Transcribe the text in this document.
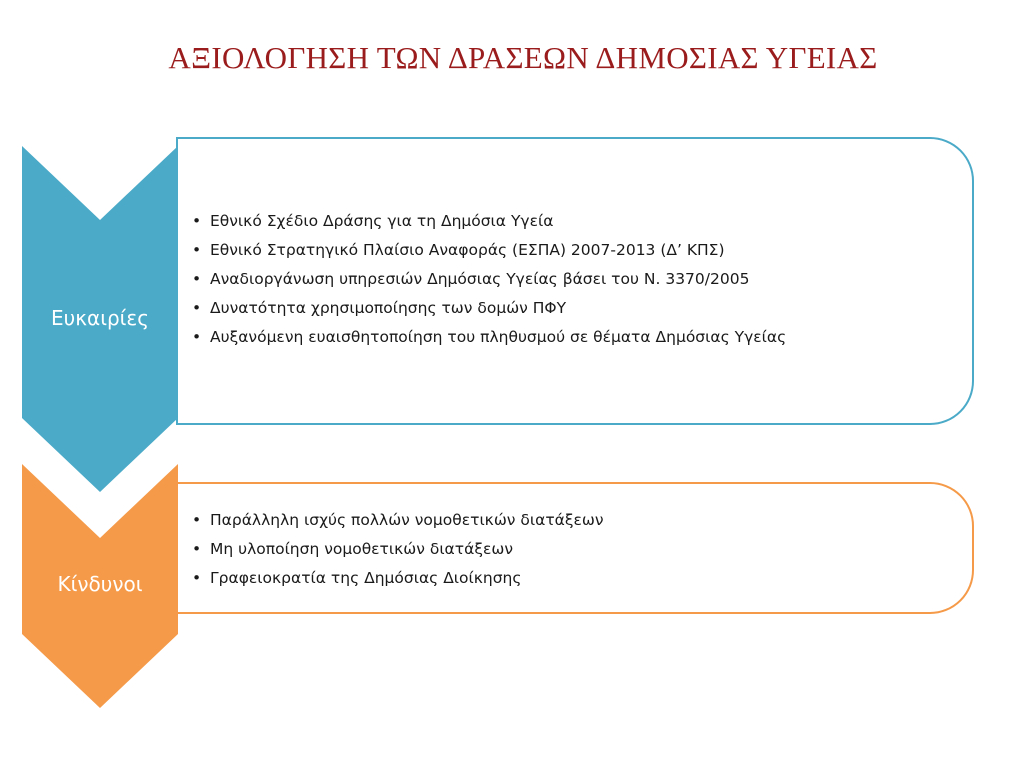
ΑΞΙΟΛΟΓΗΣΗ ΤΩΝ ΔΡΑΣΕΩΝ ΔΗΜΟΣΙΑΣ ΥΓΕΙΑΣ
• Εθνικό Σχέδιο Δράσης για τη Δημόσια Υγεία
• Εθνικό Στρατηγικό Πλαίσιο Αναφοράς (ΕΣΠΑ) 2007-2013 (Δ’ ΚΠΣ)
• Αναδιοργάνωση υπηρεσιών Δημόσιας Υγείας βάσει του Ν. 3370/2005
• Δυνατότητα χρησιμοποίησης των δομών ΠΦΥ
• Αυξανόμενη ευαισθητοποίηση του πληθυσμού σε θέματα Δημόσιας Υγείας
Ευκαιρίες
• Παράλληλη ισχύς πολλών νομοθετικών διατάξεων
• Μη υλοποίηση νομοθετικών διατάξεων
• Γραφειοκρατία της Δημόσιας Διοίκησης
Κίνδυνοι
